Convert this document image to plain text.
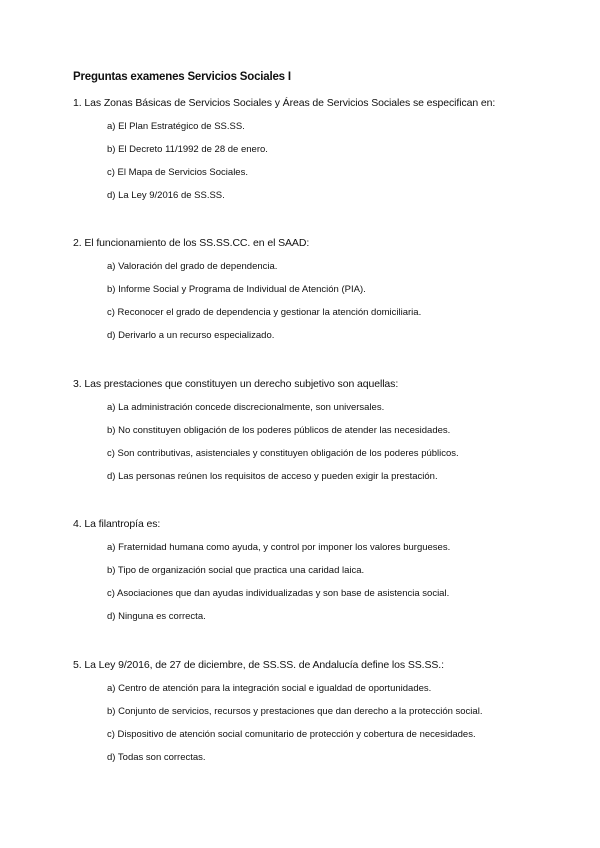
Preguntas examenes Servicios Sociales I
1. Las Zonas Básicas de Servicios Sociales y Áreas de Servicios Sociales se especifican en:
a) El Plan Estratégico de SS.SS.
b) El Decreto 11/1992 de 28 de enero.
c) El Mapa de Servicios Sociales.
d) La Ley 9/2016 de SS.SS.
2. El funcionamiento de los SS.SS.CC. en el SAAD:
a) Valoración del grado de dependencia.
b) Informe Social y Programa de Individual de Atención (PIA).
c) Reconocer el grado de dependencia y gestionar la atención domiciliaria.
d) Derivarlo a un recurso especializado.
3. Las prestaciones que constituyen un derecho subjetivo son aquellas:
a) La administración concede discrecionalmente, son universales.
b) No constituyen obligación de los poderes públicos de atender las necesidades.
c) Son contributivas, asistenciales y constituyen obligación de los poderes públicos.
d) Las personas reúnen los requisitos de acceso y pueden exigir la prestación.
4. La filantropía es:
a) Fraternidad humana como ayuda, y control por imponer los valores burgueses.
b) Tipo de organización social que practica una caridad laica.
c) Asociaciones que dan ayudas individualizadas y son base de asistencia social.
d) Ninguna es correcta.
5. La Ley 9/2016, de 27 de diciembre, de SS.SS. de Andalucía define los SS.SS.:
a) Centro de atención para la integración social e igualdad de oportunidades.
b) Conjunto de servicios, recursos y prestaciones que dan derecho a la protección social.
c) Dispositivo de atención social comunitario de protección y cobertura de necesidades.
d) Todas son correctas.
